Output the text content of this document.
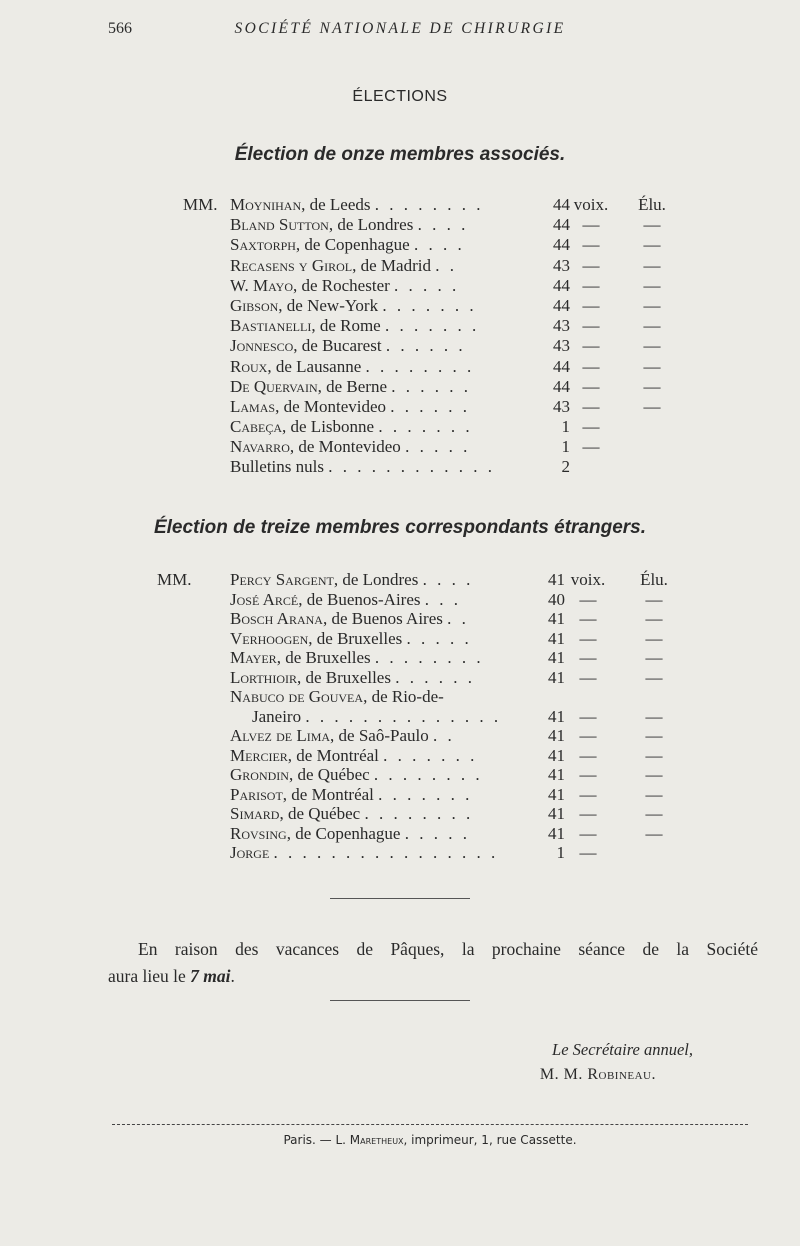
566	SOCIÉTÉ NATIONALE DE CHIRURGIE
ÉLECTIONS
Élection de onze membres associés.
MM. Moynihan, de Leeds . . . . . . . .	44 voix.	Élu.
Bland Sutton, de Londres . . . .	44 —	—
Saxtorph, de Copenhague . . . .	44 —	—
Recasens y Girol, de Madrid . .	43 —	—
W. Mayo, de Rochester . . . . .	44 —	—
Gibson, de New-York . . . . . . .	44 —	—
Bastianelli, de Rome . . . . . . .	43 —	—
Jonnesco, de Bucarest . . . . . .	43 —	—
Roux, de Lausanne . . . . . . . .	44 —	—
De Quervain, de Berne . . . . . .	44 —	—
Lamas, de Montevideo . . . . . .	43 —	—
Cabeça, de Lisbonne . . . . . . .	1 —
Navarro, de Montevideo . . . . .	1 —
Bulletins nuls . . . . . . . . . . . .	2
Élection de treize membres correspondants étrangers.
MM. Percy Sargent, de Londres . . . .	41 voix.	Élu.
José Arcé, de Buenos-Aires . . .	40 —	—
Bosch Arana, de Buenos Aires . .	41 —	—
Verhoogen, de Bruxelles . . . . .	41 —	—
Mayer, de Bruxelles . . . . . . . .	41 —	—
Lorthioir, de Bruxelles . . . . . .	41 —	—
Nabuco de Gouvea, de Rio-de-
Janeiro . . . . . . . . . . . . . .	41 —	—
Alvez de Lima, de Saô-Paulo . .	41 —	—
Mercier, de Montréal . . . . . . .	41 —	—
Grondin, de Québec . . . . . . . .	41 —	—
Parisot, de Montréal . . . . . . .	41 —	—
Simard, de Québec . . . . . . . .	41 —	—
Rovsing, de Copenhague . . . . .	41 —	—
Jorge . . . . . . . . . . . . . . . .	1 —
En raison des vacances de Pâques, la prochaine séance de la Société
aura lieu le 7 mai.
Le Secrétaire annuel,
M. M. Robineau.
Paris. — L. Maretheux, imprimeur, 1, rue Cassette.
